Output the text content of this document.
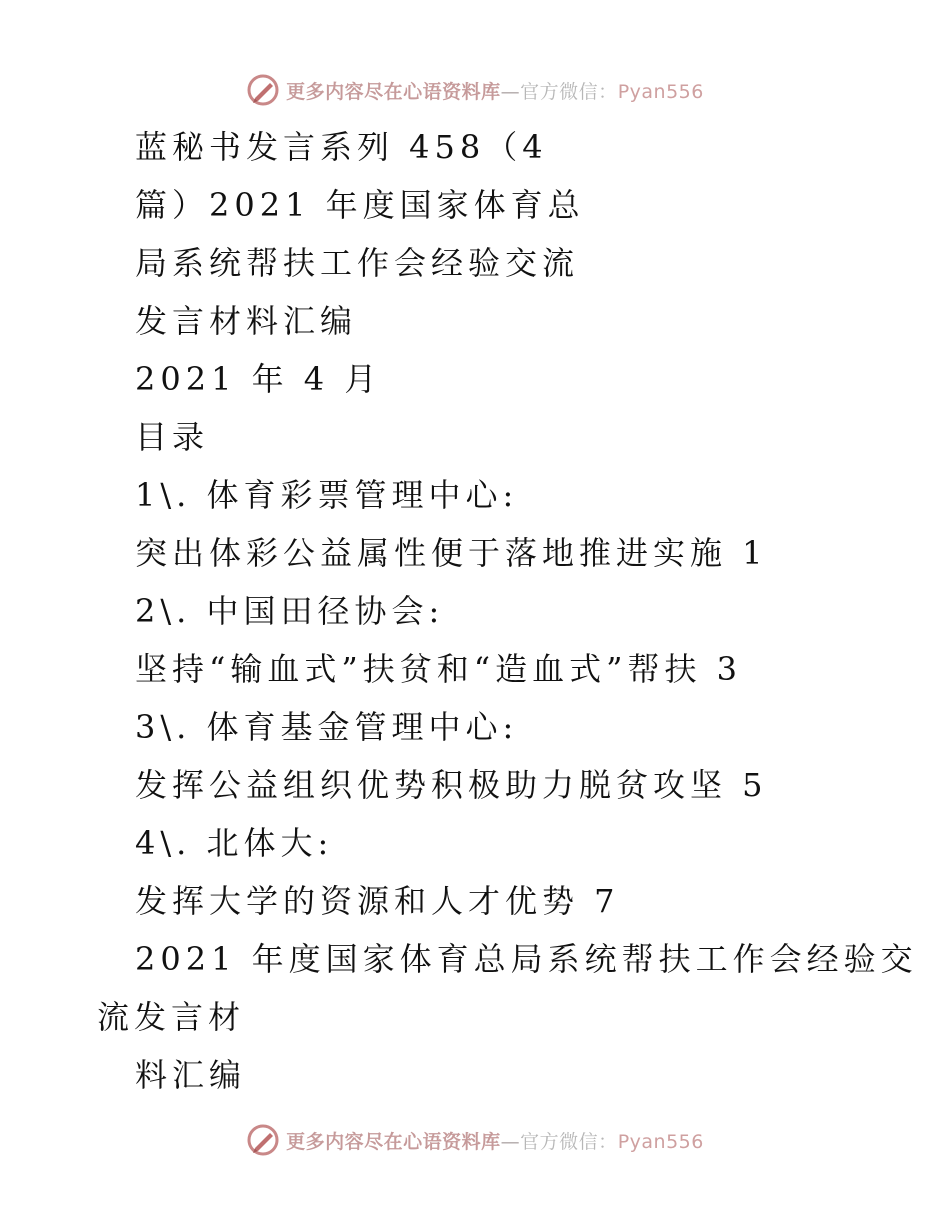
更多内容尽在心语资料库—官方微信：Pyan556
蓝秘书发言系列 458（4
篇）2021 年度国家体育总
局系统帮扶工作会经验交流
发言材料汇编
2021 年 4 月
目录
1\. 体育彩票管理中心:
突出体彩公益属性便于落地推进实施 1
2\. 中国田径协会:
坚持“输血式”扶贫和“造血式”帮扶 3
3\. 体育基金管理中心:
发挥公益组织优势积极助力脱贫攻坚 5
4\. 北体大:
发挥大学的资源和人才优势 7
2021 年度国家体育总局系统帮扶工作会经验交
流发言材
料汇编
更多内容尽在心语资料库—官方微信：Pyan556
